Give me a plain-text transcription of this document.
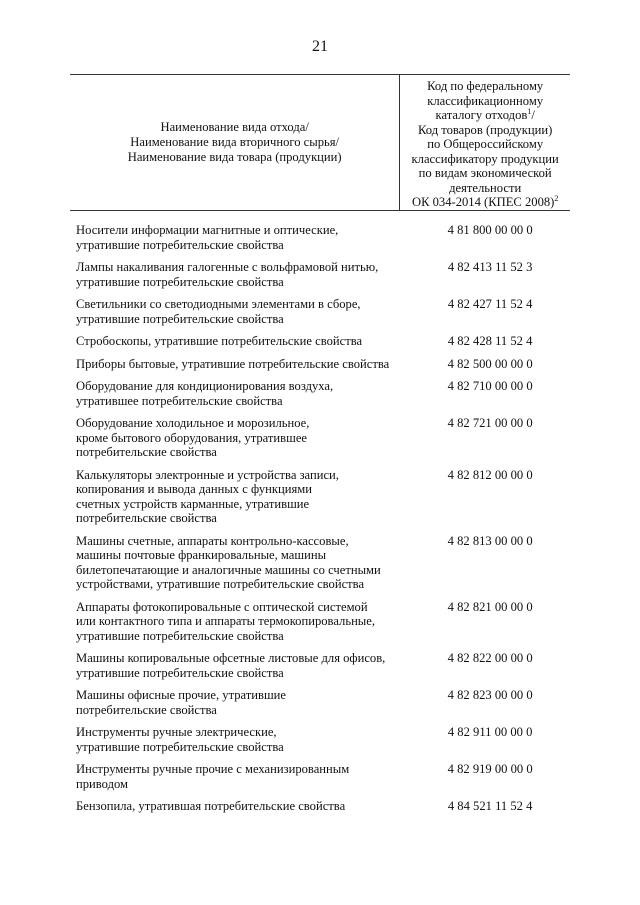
21
Наименование вида отхода/
Наименование вида вторичного сырья/
Наименование вида товара (продукции)
Код по федеральному
классификационному
каталогу отходов$^1$/
Код товаров (продукции)
по Общероссийскому
классификатору продукции
по видам экономической
деятельности
ОК 034-2014 (КПЕС 2008)$^2$
Носители информации магнитные и оптические,
утратившие потребительские свойства
4 81 800 00 00 0
Лампы накаливания галогенные с вольфрамовой нитью,
утратившие потребительские свойства
4 82 413 11 52 3
Светильники со светодиодными элементами в сборе,
утратившие потребительские свойства
4 82 427 11 52 4
Стробоскопы, утратившие потребительские свойства	4 82 428 11 52 4
Приборы бытовые, утратившие потребительские свойства	4 82 500 00 00 0
Оборудование для кондиционирования воздуха,
утратившее потребительские свойства
4 82 710 00 00 0
Оборудование холодильное и морозильное,
кроме бытового оборудования, утратившее
потребительские свойства
4 82 721 00 00 0
Калькуляторы электронные и устройства записи,
копирования и вывода данных с функциями
счетных устройств карманные, утратившие
потребительские свойства
4 82 812 00 00 0
Машины счетные, аппараты контрольно-кассовые,
машины почтовые франкировальные, машины
билетопечатающие и аналогичные машины со счетными
устройствами, утратившие потребительские свойства
4 82 813 00 00 0
Аппараты фотокопировальные с оптической системой
или контактного типа и аппараты термокопировальные,
утратившие потребительские свойства
4 82 821 00 00 0
Машины копировальные офсетные листовые для офисов,
утратившие потребительские свойства
4 82 822 00 00 0
Машины офисные прочие, утратившие
потребительские свойства
4 82 823 00 00 0
Инструменты ручные электрические,
утратившие потребительские свойства
4 82 911 00 00 0
Инструменты ручные прочие с механизированным
приводом
4 82 919 00 00 0
Бензопила, утратившая потребительские свойства	4 84 521 11 52 4
